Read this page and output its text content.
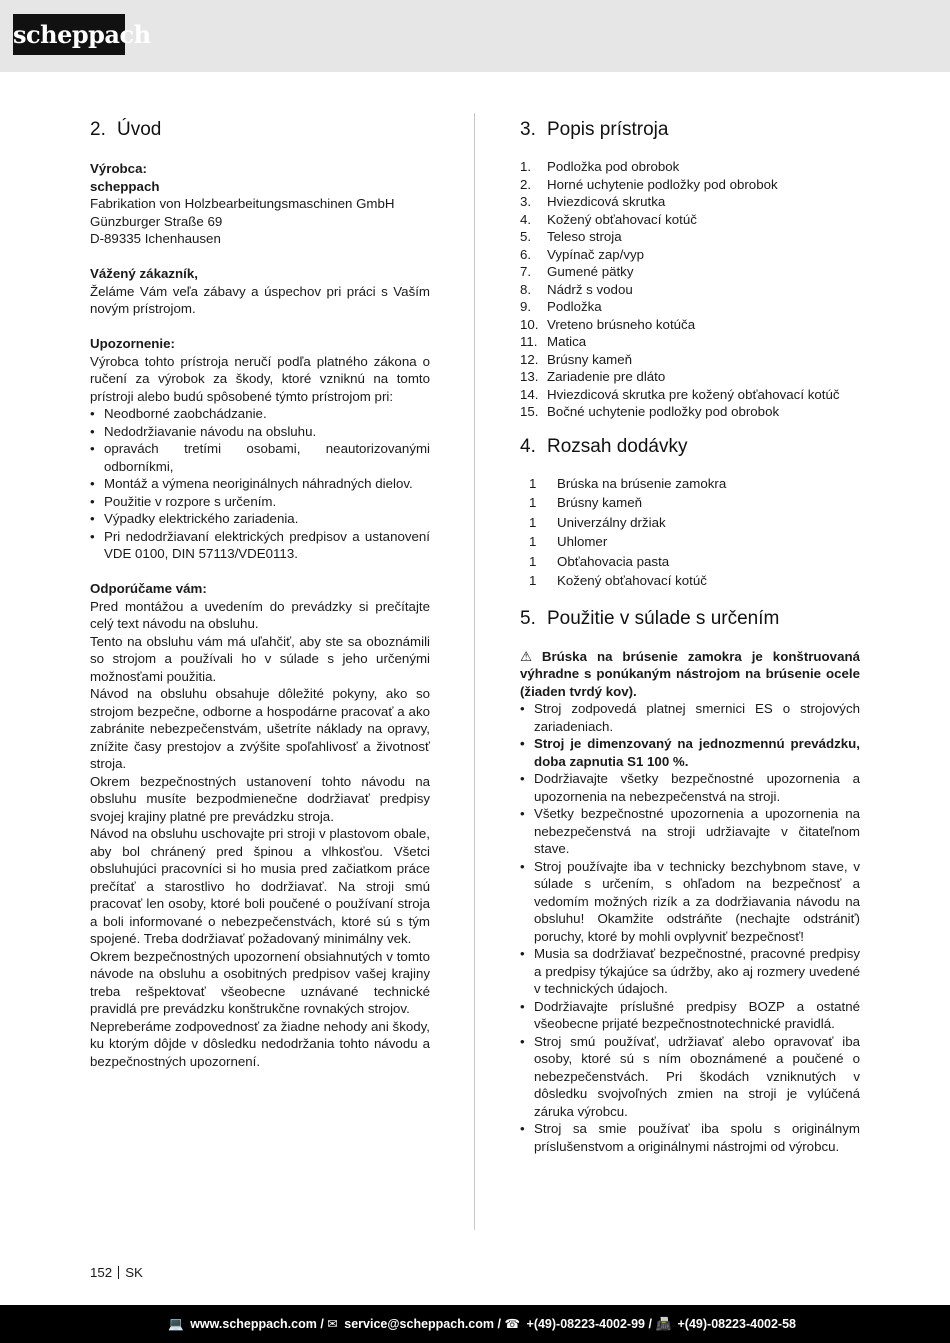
scheppach
2. Úvod

Výrobca:

scheppach

Fabrikation von Holzbearbeitungsmaschinen GmbH

Günzburger Straße 69

D-89335 Ichenhausen

Vážený zákazník,

Želáme Vám veľa zábavy a úspechov pri práci s Vaším novým prístrojom.

Upozornenie:

Výrobca tohto prístroja neručí podľa platného zákona o ručení za výrobok za škody, ktoré vzniknú na tomto prístroji alebo budú spôsobené týmto prístrojom pri:

• Neodborné zaobchádzanie.
• Nedodržiavanie návodu na obsluhu.
• opravách tretími osobami, neautorizovanými odborníkmi,
• Montáž a výmena neoriginálnych náhradných dielov.
• Použitie v rozpore s určením.
• Výpadky elektrického zariadenia.
• Pri nedodržiavaní elektrických predpisov a ustanovení VDE 0100, DIN 57113/VDE0113.

Odporúčame vám:

Pred montážou a uvedením do prevádzky si prečítajte celý text návodu na obsluhu.

Tento na obsluhu vám má uľahčiť, aby ste sa oboznámili so strojom a používali ho v súlade s jeho určenými možnosťami použitia.

Návod na obsluhu obsahuje dôležité pokyny, ako so strojom bezpečne, odborne a hospodárne pracovať a ako zabránite nebezpečenstvám, ušetríte náklady na opravy, znížite časy prestojov a zvýšite spoľahlivosť a životnosť stroja.

Okrem bezpečnostných ustanovení tohto návodu na obsluhu musíte bezpodmienečne dodržiavať predpisy svojej krajiny platné pre prevádzku stroja.

Návod na obsluhu uschovajte pri stroji v plastovom obale, aby bol chránený pred špinou a vlhkosťou. Všetci obsluhujúci pracovníci si ho musia pred začiatkom práce prečítať a starostlivo ho dodržiavať. Na stroji smú pracovať len osoby, ktoré boli poučené o používaní stroja a boli informované o nebezpečenstvách, ktoré sú s tým spojené. Treba dodržiavať požadovaný minimálny vek.

Okrem bezpečnostných upozornení obsiahnutých v tomto návode na obsluhu a osobitných predpisov vašej krajiny treba rešpektovať všeobecne uznávané technické pravidlá pre prevádzku konštrukčne rovnakých strojov.

Nepreberáme zodpovednosť za žiadne nehody ani škody, ku ktorým dôjde v dôsledku nedodržania tohto návodu a bezpečnostných upozornení.

3. Popis prístroja
1. Podložka pod obrobok
2. Horné uchytenie podložky pod obrobok
3. Hviezdicová skrutka
4. Kožený obťahovací kotúč
5. Teleso stroja
6. Vypínač zap/vyp
7. Gumené pätky
8. Nádrž s vodou
9. Podložka
10. Vreteno brúsneho kotúča
11. Matica
12. Brúsny kameň
13. Zariadenie pre dláto
14. Hviezdicová skrutka pre kožený obťahovací kotúč
15. Bočné uchytenie podložky pod obrobok
4. Rozsah dodávky
1 Brúska na brúsenie zamokra
1 Brúsny kameň
1 Univerzálny držiak
1 Uhlomer
1 Obťahovacia pasta
1 Kožený obťahovací kotúč
5. Použitie v súlade s určením

⚠ Brúska na brúsenie zamokra je konštruovaná výhradne s ponúkaným nástrojom na brúsenie ocele (žiaden tvrdý kov).

• Stroj zodpovedá platnej smernici ES o strojových zariadeniach.
• Stroj je dimenzovaný na jednozmennú prevádzku, doba zapnutia S1 100 %.
• Dodržiavajte všetky bezpečnostné upozornenia a upozornenia na nebezpečenstvá na stroji.
• Všetky bezpečnostné upozornenia a upozornenia na nebezpečenstvá na stroji udržiavajte v čitateľnom stave.
• Stroj používajte iba v technicky bezchybnom stave, v súlade s určením, s ohľadom na bezpečnosť a vedomím možných rizík a za dodržiavania návodu na obsluhu! Okamžite odstráňte (nechajte odstrániť) poruchy, ktoré by mohli ovplyvniť bezpečnosť!
• Musia sa dodržiavať bezpečnostné, pracovné predpisy a predpisy týkajúce sa údržby, ako aj rozmery uvedené v technických údajoch.
• Dodržiavajte príslušné predpisy BOZP a ostatné všeobecne prijaté bezpečnostnotechnické pravidlá.
• Stroj smú používať, udržiavať alebo opravovať iba osoby, ktoré sú s ním oboznámené a poučené o nebezpečenstvách. Pri škodách vzniknutých v dôsledku svojvoľných zmien na stroji je vylúčená záruka výrobcu.
• Stroj sa smie používať iba spolu s originálnym príslušenstvom a originálnymi nástrojmi od výrobcu.
152 SK
💻 www.scheppach.com / ✉ service@scheppach.com / ☎ +(49)-08223-4002-99 / 📠 +(49)-08223-4002-58
